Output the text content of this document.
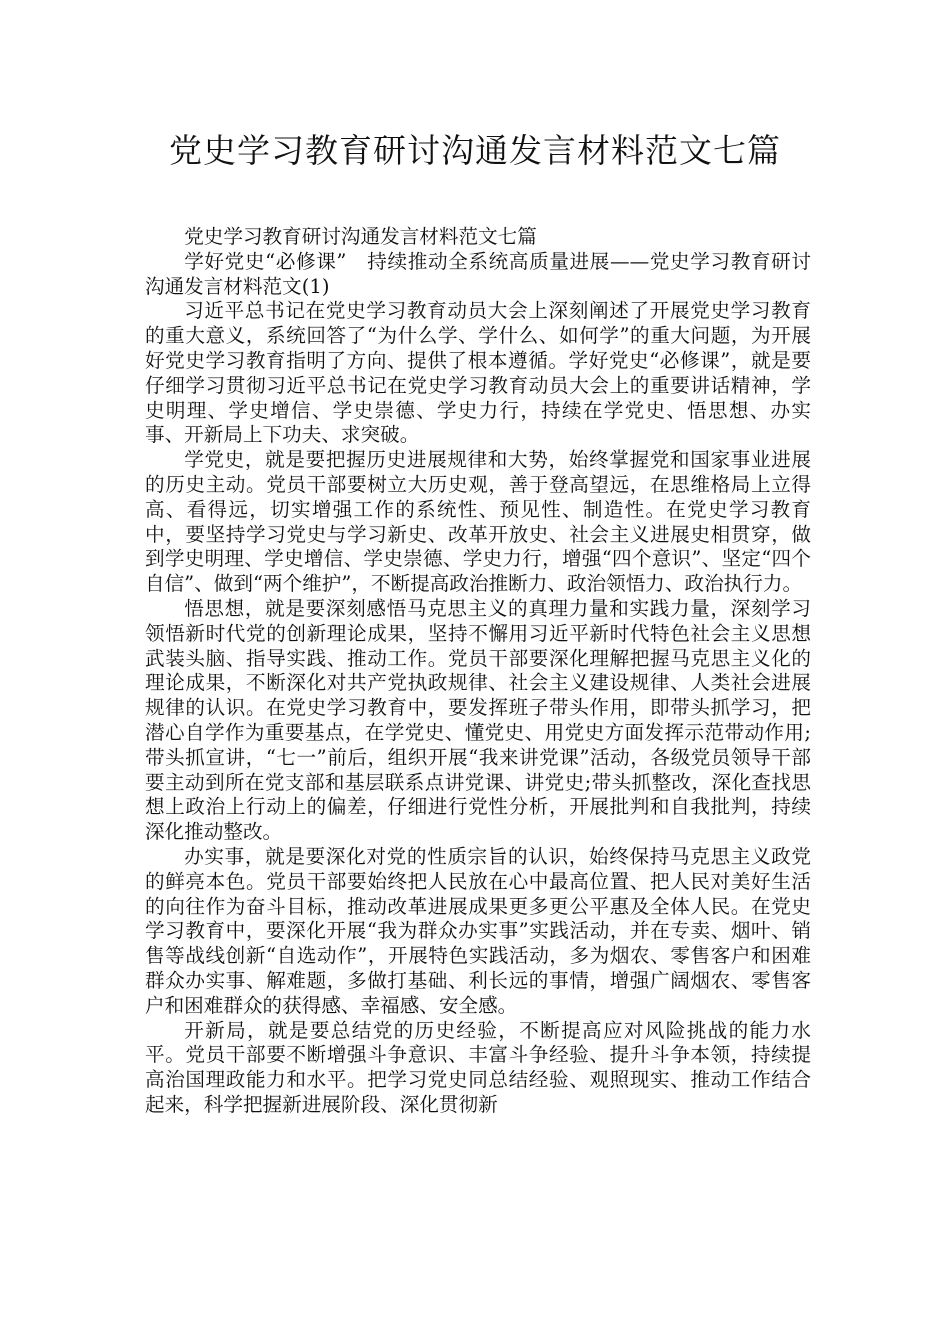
党史学习教育研讨沟通发言材料范文七篇

党史学习教育研讨沟通发言材料范文七篇

学好党史“必修课”　持续推动全系统高质量进展——党史学习教育研讨沟通发言材料范文(1)

习近平总书记在党史学习教育动员大会上深刻阐述了开展党史学习教育的重大意义，系统回答了“为什么学、学什么、如何学”的重大问题，为开展好党史学习教育指明了方向、提供了根本遵循。学好党史“必修课”，就是要仔细学习贯彻习近平总书记在党史学习教育动员大会上的重要讲话精神，学史明理、学史增信、学史崇德、学史力行，持续在学党史、悟思想、办实事、开新局上下功夫、求突破。

学党史，就是要把握历史进展规律和大势，始终掌握党和国家事业进展的历史主动。党员干部要树立大历史观，善于登高望远，在思维格局上立得高、看得远，切实增强工作的系统性、预见性、制造性。在党史学习教育中，要坚持学习党史与学习新史、改革开放史、社会主义进展史相贯穿，做到学史明理、学史增信、学史崇德、学史力行，增强“四个意识”、坚定“四个自信”、做到“两个维护”，不断提高政治推断力、政治领悟力、政治执行力。

悟思想，就是要深刻感悟马克思主义的真理力量和实践力量，深刻学习领悟新时代党的创新理论成果，坚持不懈用习近平新时代特色社会主义思想武装头脑、指导实践、推动工作。党员干部要深化理解把握马克思主义化的理论成果，不断深化对共产党执政规律、社会主义建设规律、人类社会进展规律的认识。在党史学习教育中，要发挥班子带头作用，即带头抓学习，把潜心自学作为重要基点，在学党史、懂党史、用党史方面发挥示范带动作用;带头抓宣讲，“七一”前后，组织开展“我来讲党课”活动，各级党员领导干部要主动到所在党支部和基层联系点讲党课、讲党史;带头抓整改，深化查找思想上政治上行动上的偏差，仔细进行党性分析，开展批判和自我批判，持续深化推动整改。

办实事，就是要深化对党的性质宗旨的认识，始终保持马克思主义政党的鲜亮本色。党员干部要始终把人民放在心中最高位置、把人民对美好生活的向往作为奋斗目标，推动改革进展成果更多更公平惠及全体人民。在党史学习教育中，要深化开展“我为群众办实事”实践活动，并在专卖、烟叶、销售等战线创新“自选动作”，开展特色实践活动，多为烟农、零售客户和困难群众办实事、解难题，多做打基础、利长远的事情，增强广阔烟农、零售客户和困难群众的获得感、幸福感、安全感。

开新局，就是要总结党的历史经验，不断提高应对风险挑战的能力水平。党员干部要不断增强斗争意识、丰富斗争经验、提升斗争本领，持续提高治国理政能力和水平。把学习党史同总结经验、观照现实、推动工作结合起来，科学把握新进展阶段、深化贯彻新
